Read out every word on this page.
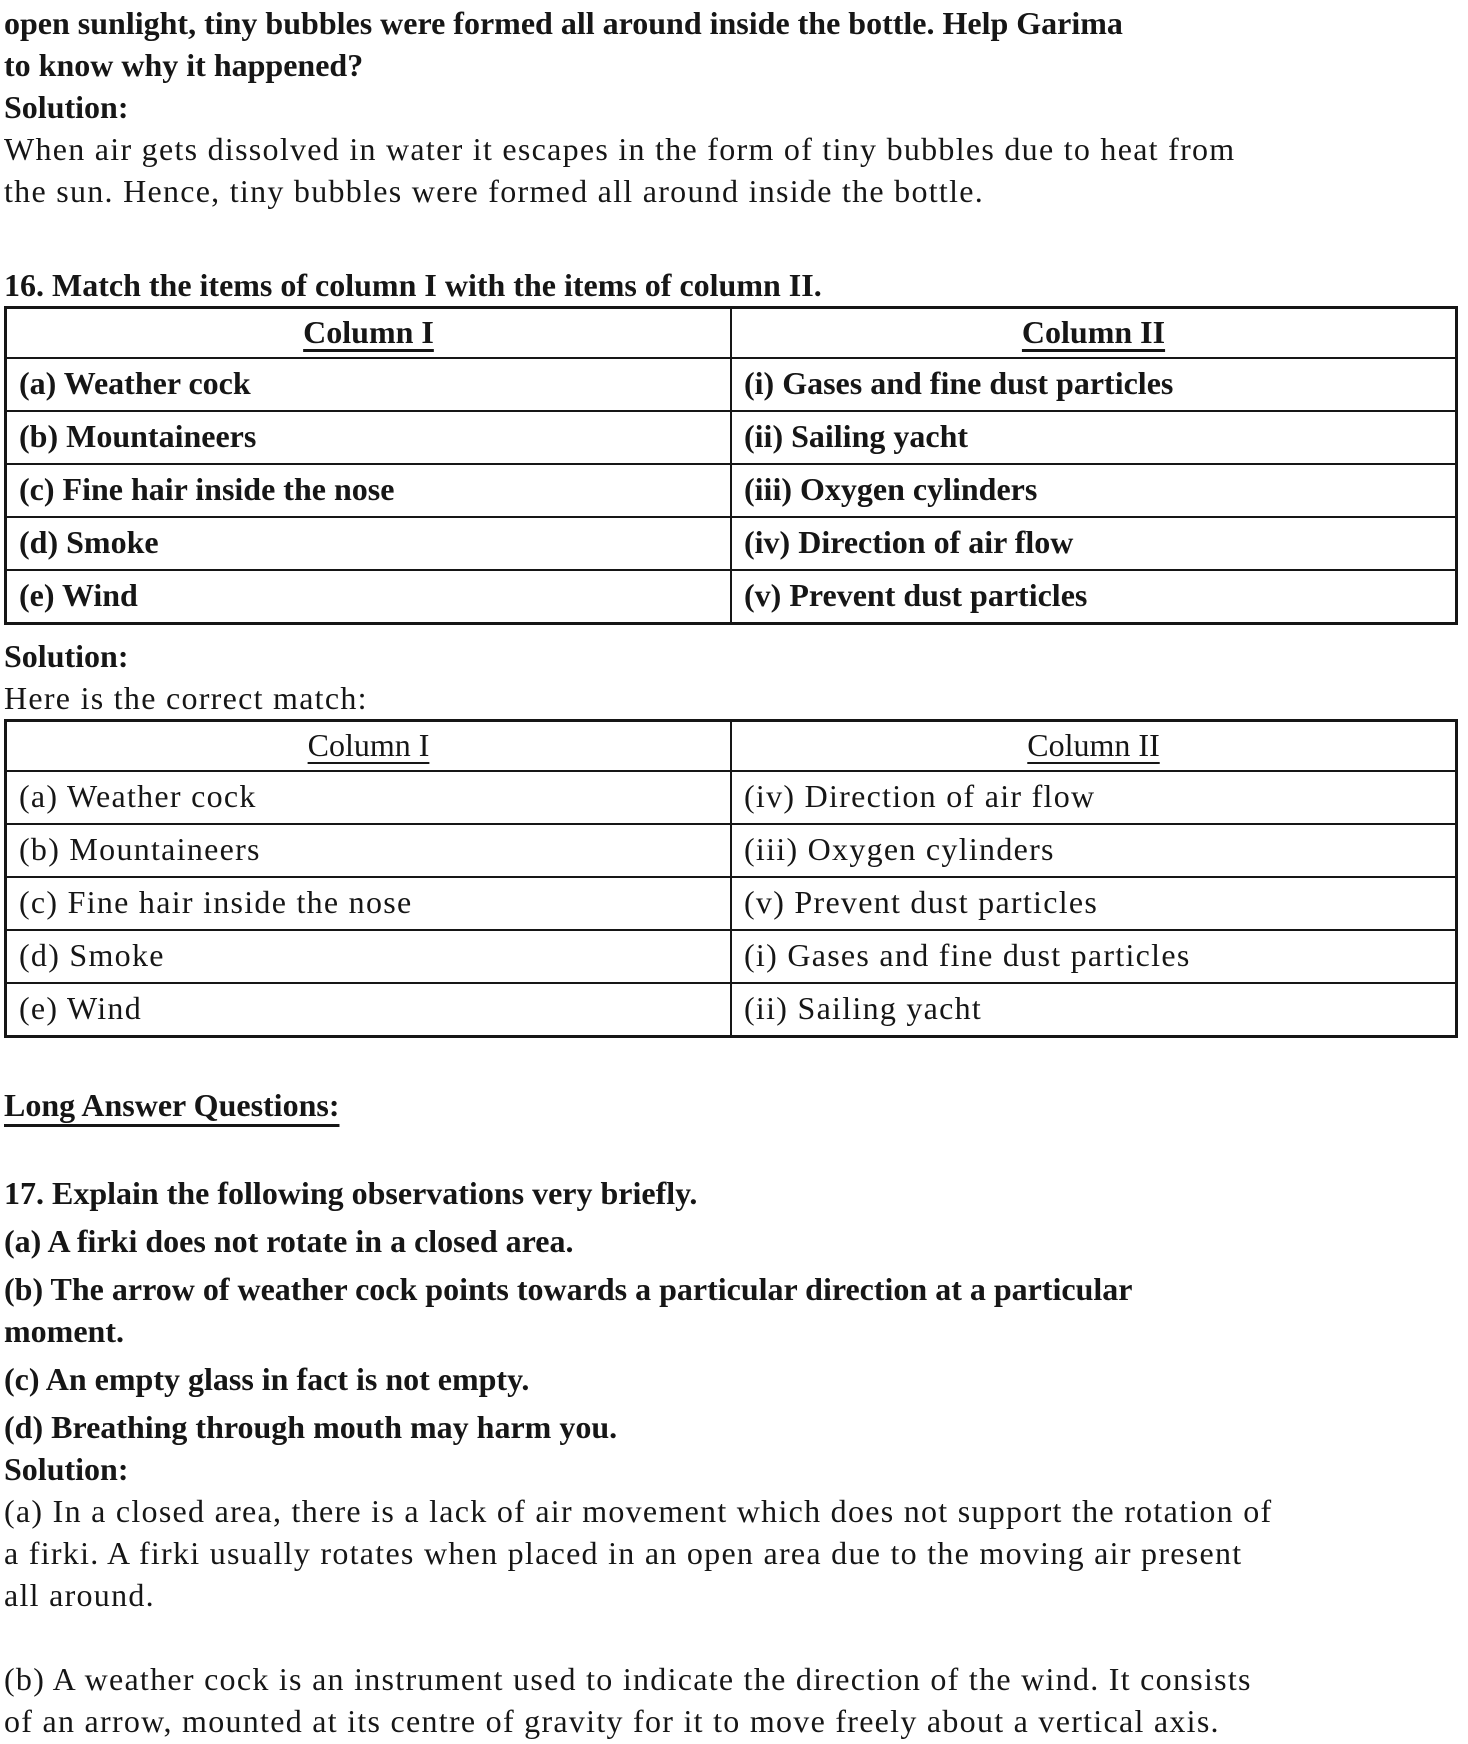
open sunlight, tiny bubbles were formed all around inside the bottle. Help Garima
to know why it happened?
Solution:
When air gets dissolved in water it escapes in the form of tiny bubbles due to heat from
the sun. Hence, tiny bubbles were formed all around inside the bottle.
16. Match the items of column I with the items of column II.
Column I	Column II
(a) Weather cock	(i) Gases and fine dust particles
(b) Mountaineers	(ii) Sailing yacht
(c) Fine hair inside the nose	(iii) Oxygen cylinders
(d) Smoke	(iv) Direction of air flow
(e) Wind	(v) Prevent dust particles
Solution:
Here is the correct match:
Column I	Column II
(a) Weather cock	(iv) Direction of air flow
(b) Mountaineers	(iii) Oxygen cylinders
(c) Fine hair inside the nose	(v) Prevent dust particles
(d) Smoke	(i) Gases and fine dust particles
(e) Wind	(ii) Sailing yacht
Long Answer Questions:
17. Explain the following observations very briefly.
(a) A firki does not rotate in a closed area.
(b) The arrow of weather cock points towards a particular direction at a particular
moment.
(c) An empty glass in fact is not empty.
(d) Breathing through mouth may harm you.
Solution:
(a) In a closed area, there is a lack of air movement which does not support the rotation of
a firki. A firki usually rotates when placed in an open area due to the moving air present
all around.
(b) A weather cock is an instrument used to indicate the direction of the wind. It consists
of an arrow, mounted at its centre of gravity for it to move freely about a vertical axis.
